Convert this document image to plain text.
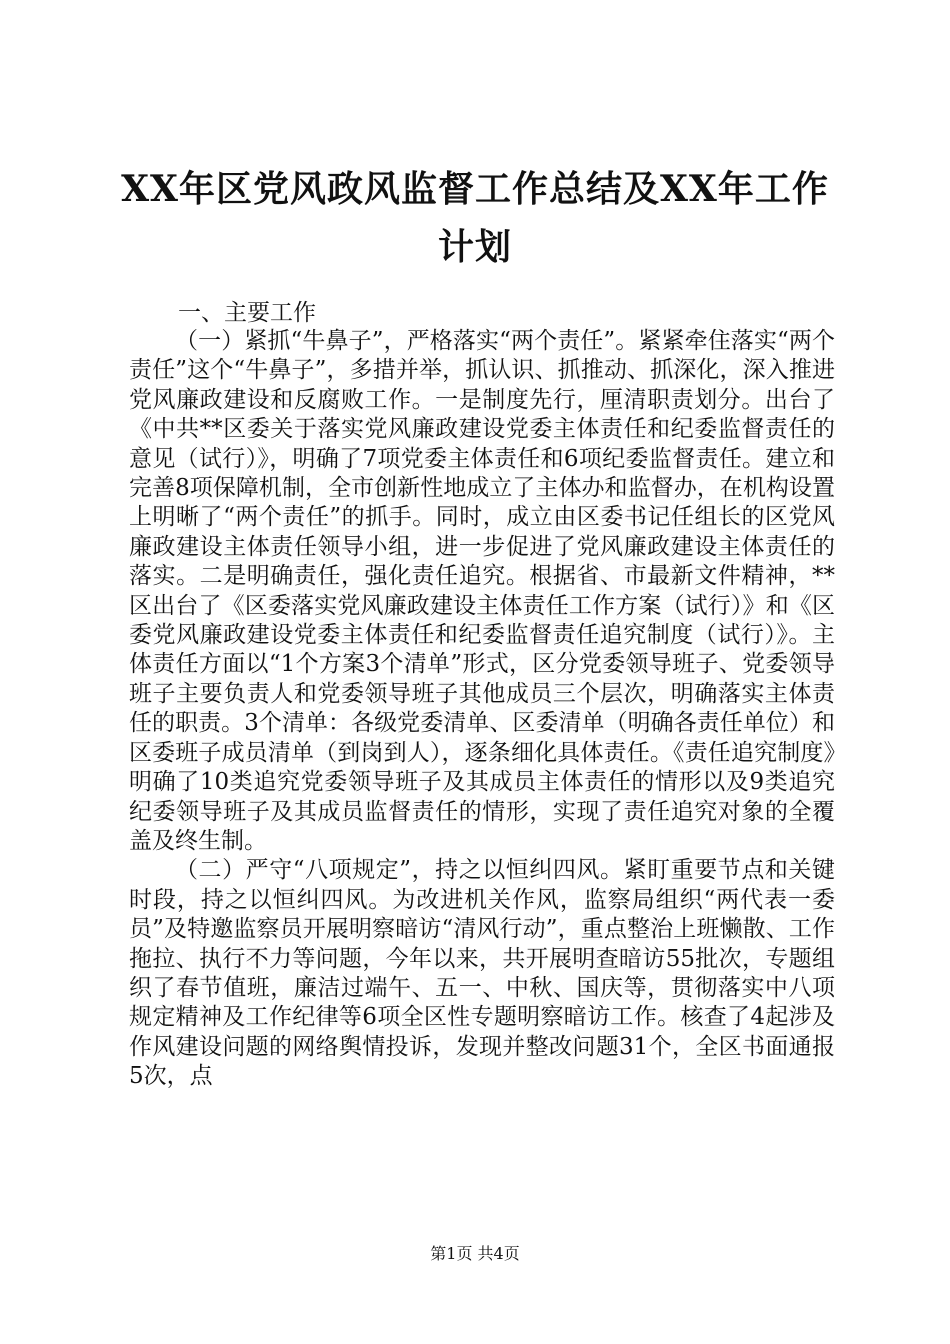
XX年区党风政风监督工作总结及XX年工作计划
一、主要工作

（一）紧抓“牛鼻子”，严格落实“两个责任”。紧紧牵住落实“两个责任”这个“牛鼻子”，多措并举，抓认识、抓推动、抓深化，深入推进党风廉政建设和反腐败工作。一是制度先行，厘清职责划分。出台了《中共**区委关于落实党风廉政建设党委主体责任和纪委监督责任的意见（试行）》，明确了7项党委主体责任和6项纪委监督责任。建立和完善8项保障机制，全市创新性地成立了主体办和监督办，在机构设置上明晰了“两个责任”的抓手。同时，成立由区委书记任组长的区党风廉政建设主体责任领导小组，进一步促进了党风廉政建设主体责任的落实。二是明确责任，强化责任追究。根据省、市最新文件精神，**区出台了《区委落实党风廉政建设主体责任工作方案（试行）》和《区委党风廉政建设党委主体责任和纪委监督责任追究制度（试行）》。主体责任方面以“1个方案3个清单”形式，区分党委领导班子、党委领导班子主要负责人和党委领导班子其他成员三个层次，明确落实主体责任的职责。3个清单：各级党委清单、区委清单（明确各责任单位）和区委班子成员清单（到岗到人），逐条细化具体责任。《责任追究制度》明确了10类追究党委领导班子及其成员主体责任的情形以及9类追究纪委领导班子及其成员监督责任的情形，实现了责任追究对象的全覆盖及终生制。

（二）严守“八项规定”，持之以恒纠四风。紧盯重要节点和关键时段，持之以恒纠四风。为改进机关作风，监察局组织“两代表一委员”及特邀监察员开展明察暗访“清风行动”，重点整治上班懒散、工作拖拉、执行不力等问题，今年以来，共开展明查暗访55批次，专题组织了春节值班，廉洁过端午、五一、中秋、国庆等，贯彻落实中八项规定精神及工作纪律等6项全区性专题明察暗访工作。核查了4起涉及作风建设问题的网络舆情投诉，发现并整改问题31个，全区书面通报5次，点

第1页 共4页
